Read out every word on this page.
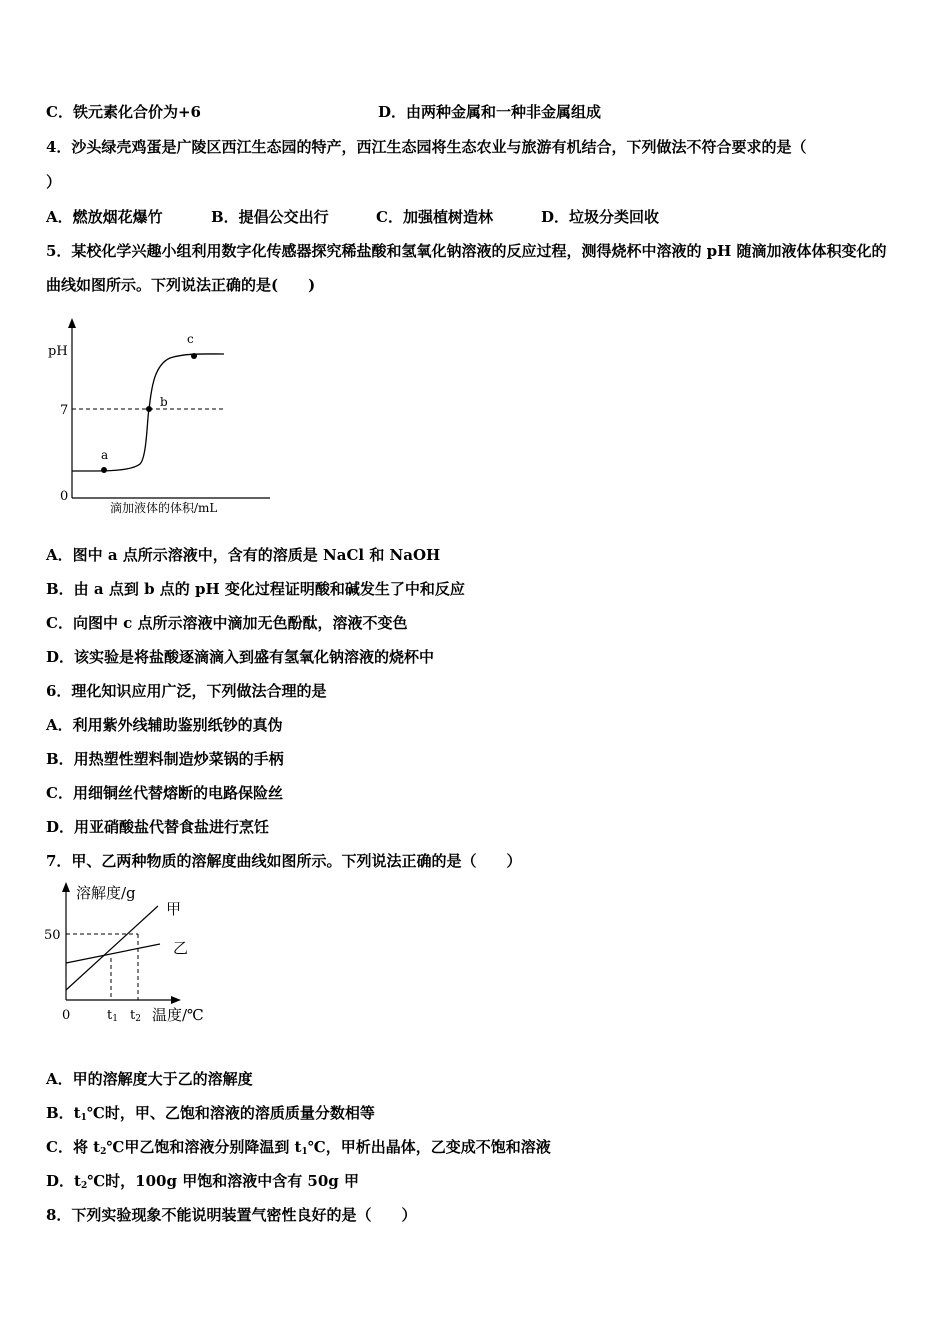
C．铁元素化合价为+6	D．由两种金属和一种非金属组成
4．沙头绿壳鸡蛋是广陵区西江生态园的特产，西江生态园将生态农业与旅游有机结合，下列做法不符合要求的是（
）
A．燃放烟花爆竹	B．提倡公交出行	C．加强植树造林	D．垃圾分类回收
5．某校化学兴趣小组利用数字化传感器探究稀盐酸和氢氧化钠溶液的反应过程，测得烧杯中溶液的 pH 随滴加液体体积变化的曲线如图所示。下列说法正确的是(　　)
pH
7
0
a
b
c
滴加液体的体积/mL
A．图中 a 点所示溶液中，含有的溶质是 NaCl 和 NaOH
B．由 a 点到 b 点的 pH 变化过程证明酸和碱发生了中和反应
C．向图中 c 点所示溶液中滴加无色酚酞，溶液不变色
D．该实验是将盐酸逐滴滴入到盛有氢氧化钠溶液的烧杯中
6．理化知识应用广泛，下列做法合理的是
A．利用紫外线辅助鉴别纸钞的真伪
B．用热塑性塑料制造炒菜锅的手柄
C．用细铜丝代替熔断的电路保险丝
D．用亚硝酸盐代替食盐进行烹饪
7．甲、乙两种物质的溶解度曲线如图所示。下列说法正确的是（　　）
溶解度/g
50
0
甲
乙
t1 t2 温度/℃
A．甲的溶解度大于乙的溶解度
B．$t_1℃$时，甲、乙饱和溶液的溶质质量分数相等
C．将 $t_2℃$甲乙饱和溶液分别降温到 $t_1℃$，甲析出晶体，乙变成不饱和溶液
D．$t_2℃$时，100g 甲饱和溶液中含有 50g 甲
8．下列实验现象不能说明装置气密性良好的是（　　）
